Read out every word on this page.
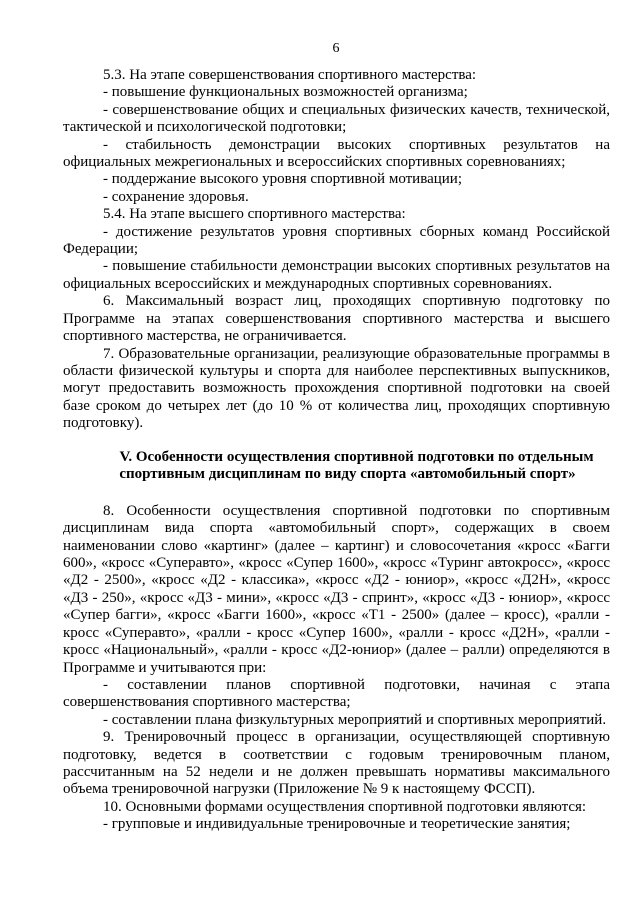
6
5.3. На этапе совершенствования спортивного мастерства:
- повышение функциональных возможностей организма;
- совершенствование общих и специальных физических качеств, технической,
тактической и психологической подготовки;
- стабильность демонстрации высоких спортивных результатов на
официальных межрегиональных и всероссийских спортивных соревнованиях;
- поддержание высокого уровня спортивной мотивации;
- сохранение здоровья.
5.4. На этапе высшего спортивного мастерства:
- достижение результатов уровня спортивных сборных команд Российской
Федерации;
- повышение стабильности демонстрации высоких спортивных результатов на
официальных всероссийских и международных спортивных соревнованиях.
6. Максимальный возраст лиц, проходящих спортивную подготовку по
Программе на этапах совершенствования спортивного мастерства и высшего
спортивного мастерства, не ограничивается.
7. Образовательные организации, реализующие образовательные программы в
области физической культуры и спорта для наиболее перспективных выпускников,
могут предоставить возможность прохождения спортивной подготовки на своей
базе сроком до четырех лет (до 10 % от количества лиц, проходящих спортивную
подготовку).
V. Особенности осуществления спортивной подготовки по отдельным
спортивным дисциплинам по виду спорта «автомобильный спорт»
8. Особенности осуществления спортивной подготовки по спортивным
дисциплинам вида спорта «автомобильный спорт», содержащих в своем
наименовании слово «картинг» (далее – картинг) и словосочетания «кросс «Багги
600», «кросс «Суперавто», «кросс «Супер 1600», «кросс «Туринг автокросс», «кросс
«Д2 - 2500», «кросс «Д2 - классика», «кросс «Д2 - юниор», «кросс «Д2Н», «кросс
«Д3 - 250», «кросс «Д3 - мини», «кросс «Д3 - спринт», «кросс «Д3 - юниор», «кросс
«Супер багги», «кросс «Багги 1600», «кросс «Т1 - 2500» (далее – кросс), «ралли -
кросс «Суперавто», «ралли - кросс «Супер 1600», «ралли - кросс «Д2Н», «ралли -
кросс «Национальный», «ралли - кросс «Д2-юниор» (далее – ралли) определяются в
Программе и учитываются при:
- составлении планов спортивной подготовки, начиная с этапа
совершенствования спортивного мастерства;
- составлении плана физкультурных мероприятий и спортивных мероприятий.
9. Тренировочный процесс в организации, осуществляющей спортивную
подготовку, ведется в соответствии с годовым тренировочным планом,
рассчитанным на 52 недели и не должен превышать нормативы максимального
объема тренировочной нагрузки (Приложение № 9 к настоящему ФССП).
10. Основными формами осуществления спортивной подготовки являются:
- групповые и индивидуальные тренировочные и теоретические занятия;
